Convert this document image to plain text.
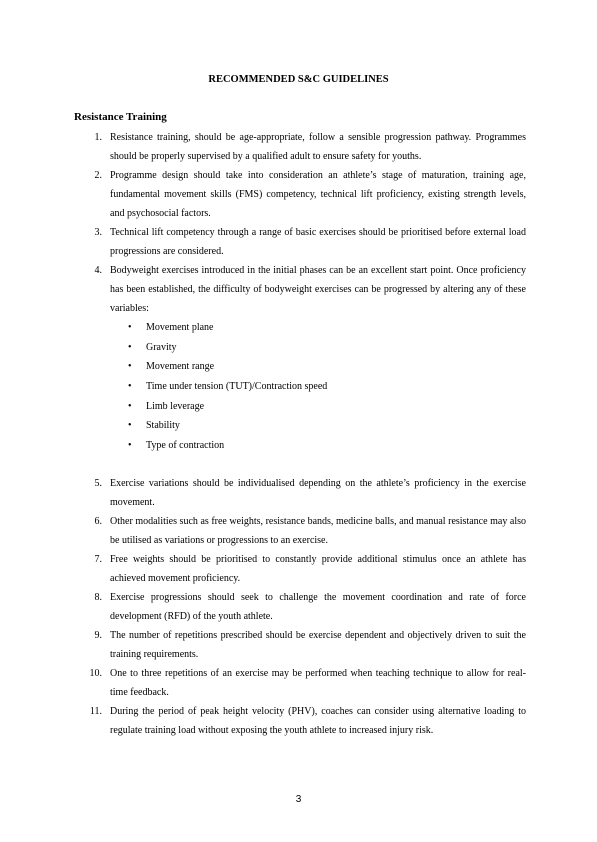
RECOMMENDED S&C GUIDELINES
Resistance Training
1. Resistance training, should be age-appropriate, follow a sensible progression pathway. Programmes should be properly supervised by a qualified adult to ensure safety for youths.
2. Programme design should take into consideration an athlete’s stage of maturation, training age, fundamental movement skills (FMS) competency, technical lift proficiency, existing strength levels, and psychosocial factors.
3. Technical lift competency through a range of basic exercises should be prioritised before external load progressions are considered.
4. Bodyweight exercises introduced in the initial phases can be an excellent start point. Once proficiency has been established, the difficulty of bodyweight exercises can be progressed by altering any of these variables:
•	Movement plane
•	Gravity
•	Movement range
•	Time under tension (TUT)/Contraction speed
•	Limb leverage
•	Stability
•	Type of contraction
5. Exercise variations should be individualised depending on the athlete’s proficiency in the exercise movement.
6. Other modalities such as free weights, resistance bands, medicine balls, and manual resistance may also be utilised as variations or progressions to an exercise.
7. Free weights should be prioritised to constantly provide additional stimulus once an athlete has achieved movement proficiency.
8. Exercise progressions should seek to challenge the movement coordination and rate of force development (RFD) of the youth athlete.
9. The number of repetitions prescribed should be exercise dependent and objectively driven to suit the training requirements.
10. One to three repetitions of an exercise may be performed when teaching technique to allow for real-time feedback.
11. During the period of peak height velocity (PHV), coaches can consider using alternative loading to regulate training load without exposing the youth athlete to increased injury risk.
3
